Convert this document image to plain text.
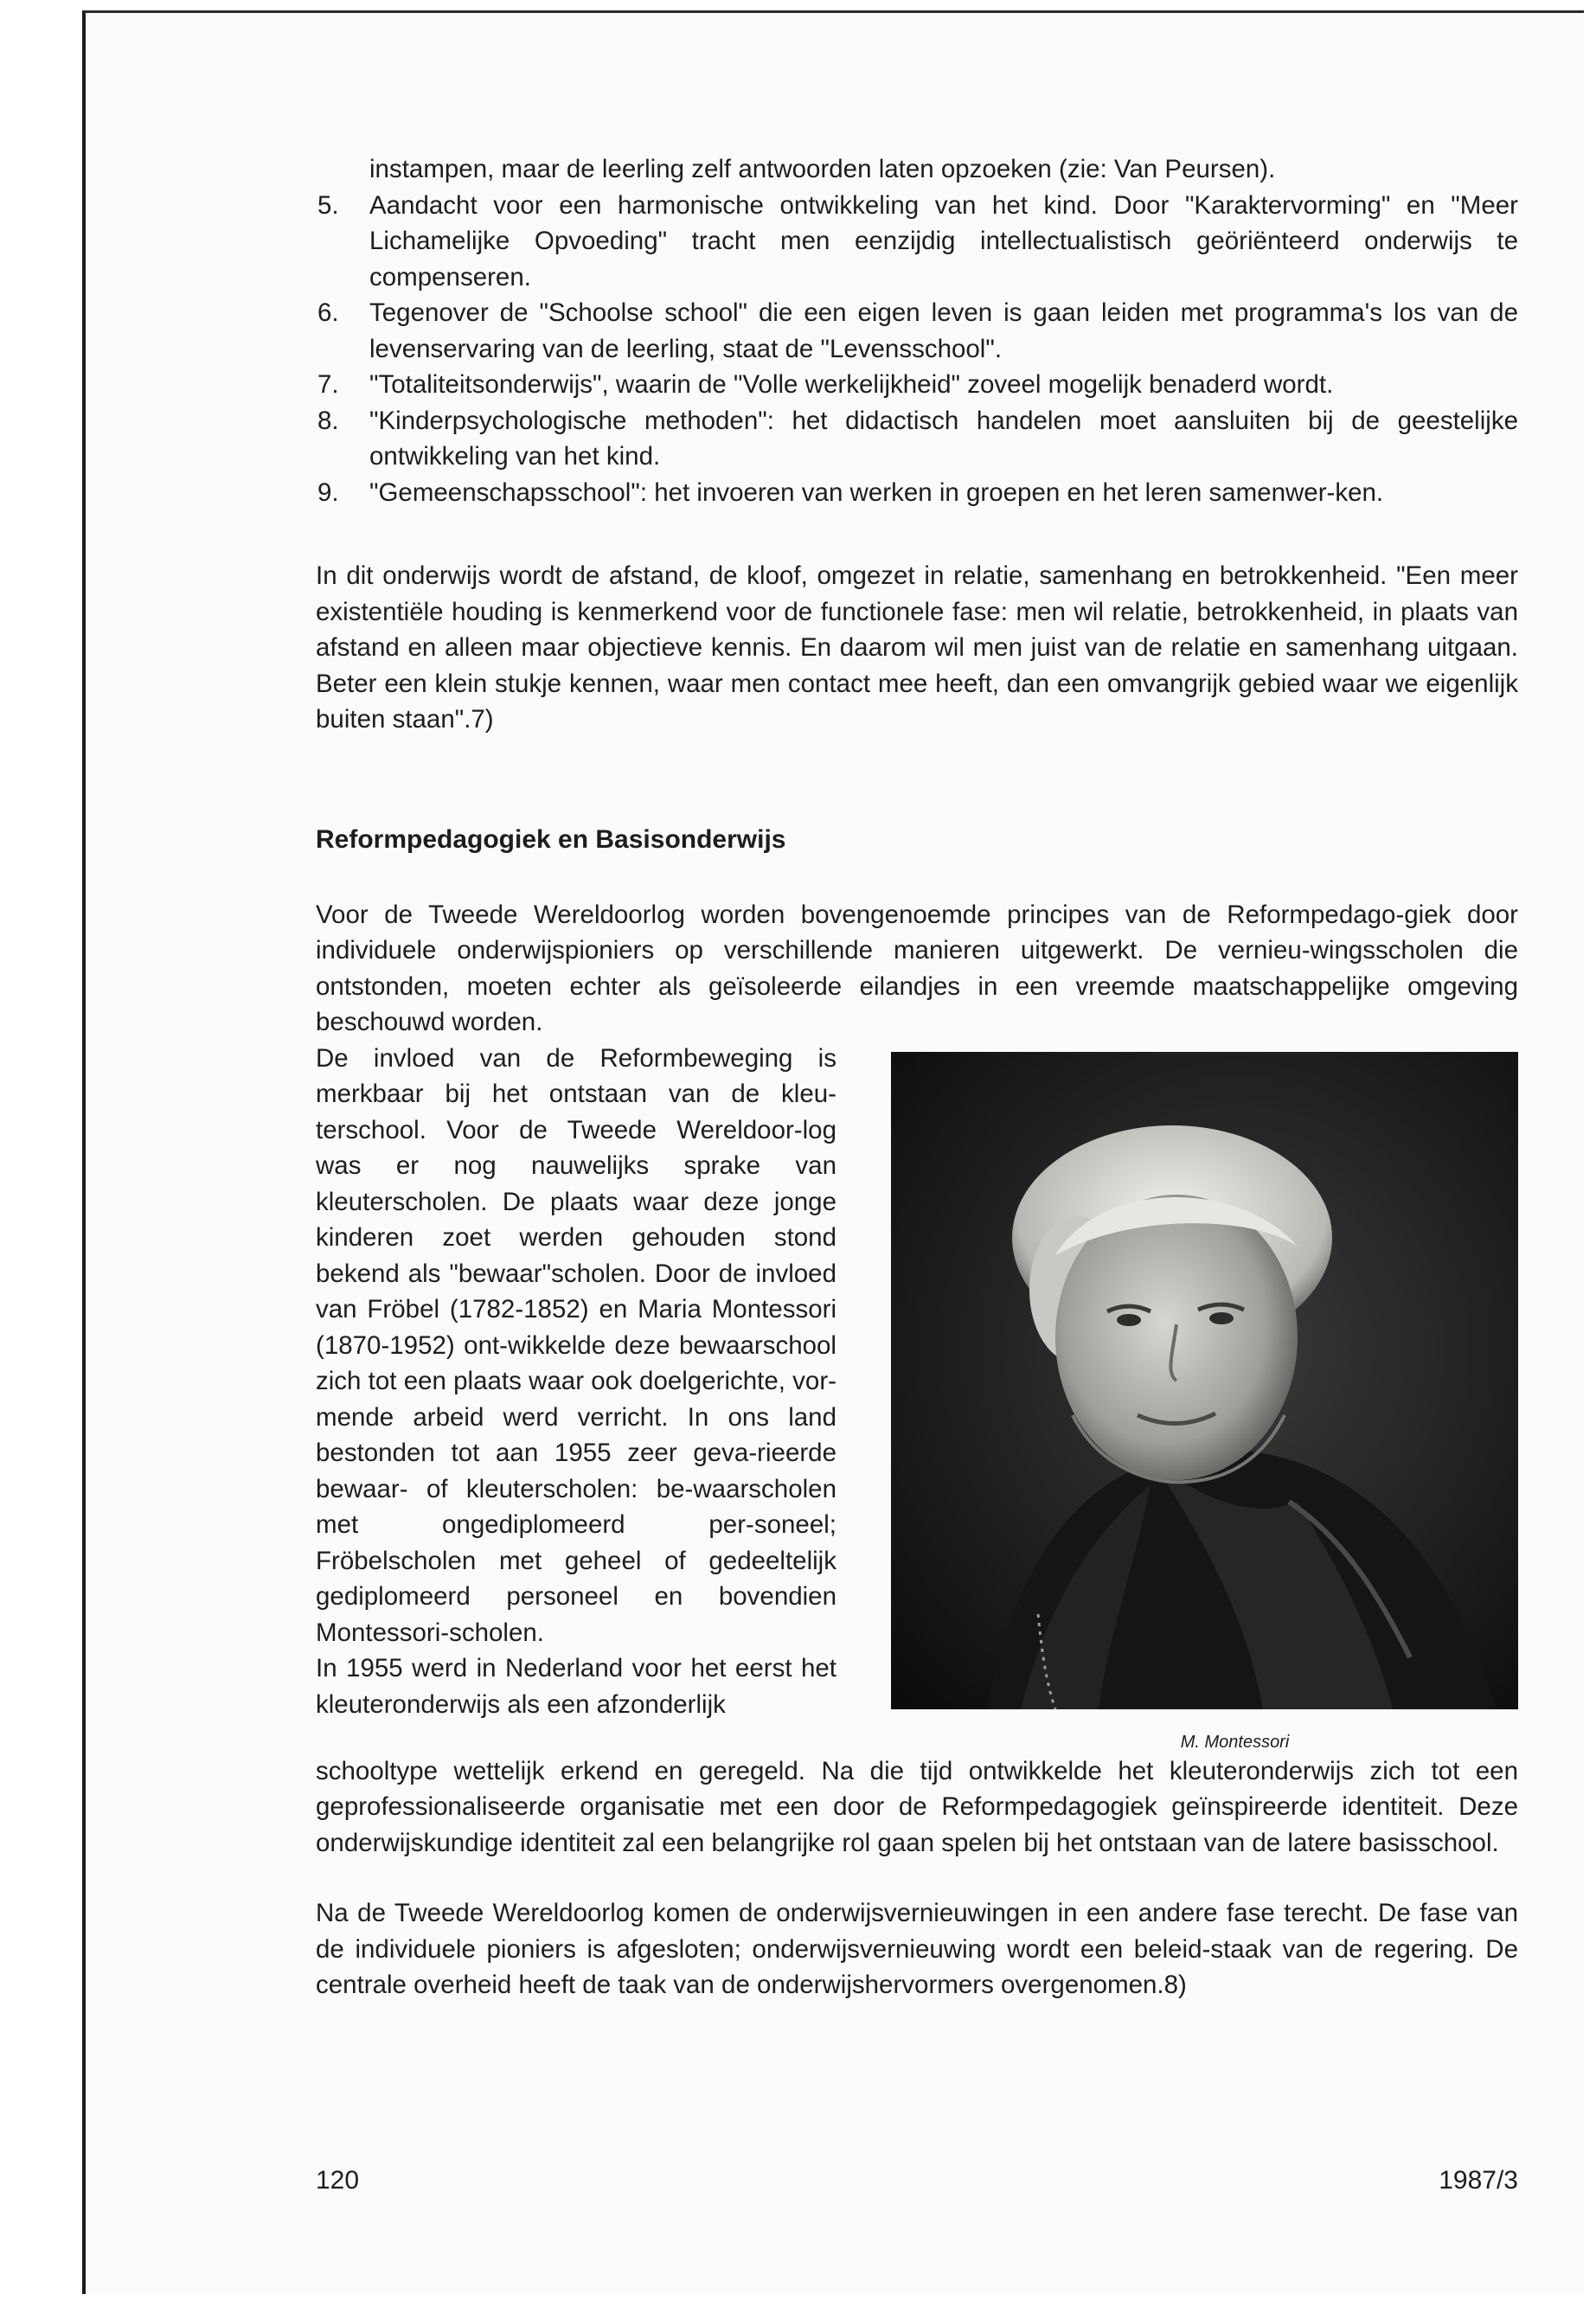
instampen, maar de leerling zelf antwoorden laten opzoeken (zie: Van Peursen).

5. Aandacht voor een harmonische ontwikkeling van het kind. Door "Karaktervorming" en "Meer Lichamelijke Opvoeding" tracht men eenzijdig intellectualistisch geöriënteerd onderwijs te compenseren.
6. Tegenover de "Schoolse school" die een eigen leven is gaan leiden met programma's los van de levenservaring van de leerling, staat de "Levensschool".
7. "Totaliteitsonderwijs", waarin de "Volle werkelijkheid" zoveel mogelijk benaderd wordt.
8. "Kinderpsychologische methoden": het didactisch handelen moet aansluiten bij de geestelijke ontwikkeling van het kind.
9. "Gemeenschapsschool": het invoeren van werken in groepen en het leren samenwer-ken.

In dit onderwijs wordt de afstand, de kloof, omgezet in relatie, samenhang en betrokkenheid. "Een meer existentiële houding is kenmerkend voor de functionele fase: men wil relatie, betrokkenheid, in plaats van afstand en alleen maar objectieve kennis. En daarom wil men juist van de relatie en samenhang uitgaan. Beter een klein stukje kennen, waar men contact mee heeft, dan een omvangrijk gebied waar we eigenlijk buiten staan".7)

Reformpedagogiek en Basisonderwijs

Voor de Tweede Wereldoorlog worden bovengenoemde principes van de Reformpedago-giek door individuele onderwijspioniers op verschillende manieren uitgewerkt. De vernieu-wingsscholen die ontstonden, moeten echter als geïsoleerde eilandjes in een vreemde maatschappelijke omgeving beschouwd worden.

De invloed van de Reformbeweging is merkbaar bij het ontstaan van de kleu-terschool. Voor de Tweede Wereldoor-log was er nog nauwelijks sprake van kleuterscholen. De plaats waar deze jonge kinderen zoet werden gehouden stond bekend als "bewaar"scholen. Door de invloed van Fröbel (1782-1852) en Maria Montessori (1870-1952) ont-wikkelde deze bewaarschool zich tot een plaats waar ook doelgerichte, vor-mende arbeid werd verricht. In ons land bestonden tot aan 1955 zeer geva-rieerde bewaar- of kleuterscholen: be-waarscholen met ongediplomeerd per-soneel; Fröbelscholen met geheel of gedeeltelijk gediplomeerd personeel en bovendien Montessori-scholen.

In 1955 werd in Nederland voor het eerst het kleuteronderwijs als een afzonderlijk

M. Montessori

schooltype wettelijk erkend en geregeld. Na die tijd ontwikkelde het kleuteronderwijs zich tot een geprofessionaliseerde organisatie met een door de Reformpedagogiek geïnspireerde identiteit. Deze onderwijskundige identiteit zal een belangrijke rol gaan spelen bij het ontstaan van de latere basisschool.

Na de Tweede Wereldoorlog komen de onderwijsvernieuwingen in een andere fase terecht. De fase van de individuele pioniers is afgesloten; onderwijsvernieuwing wordt een beleid-staak van de regering. De centrale overheid heeft de taak van de onderwijshervormers overgenomen.8)

120	1987/3
